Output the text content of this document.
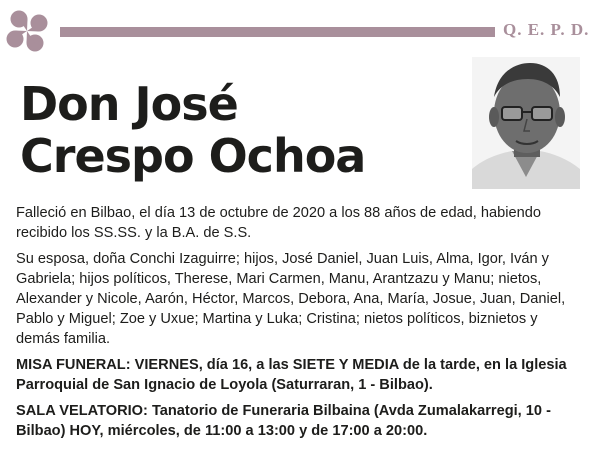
Q. E. P. D.
Don José
Crespo Ochoa

Falleció en Bilbao, el día 13 de octubre de 2020 a los 88 años de edad, habiendo recibido los SS.SS. y la B.A. de S.S.

Su esposa, doña Conchi Izaguirre; hijos, José Daniel, Juan Luis, Alma, Igor, Iván y Gabriela; hijos políticos, Therese, Mari Carmen, Manu, Arantzazu y Manu; nietos, Alexander y Nicole, Aarón, Héctor, Marcos, Debora, Ana, María, Josue, Juan, Daniel, Pablo y Miguel; Zoe y Uxue; Martina y Luka; Cristina; nietos políticos, biznietos y demás familia.

MISA FUNERAL: VIERNES, día 16, a las SIETE Y MEDIA de la tarde, en la Iglesia Parroquial de San Ignacio de Loyola (Saturraran, 1 - Bilbao).

SALA VELATORIO: Tanatorio de Funeraria Bilbaina (Avda Zumalakarregi, 10 - Bilbao) HOY, miércoles, de 11:00 a 13:00 y de 17:00 a 20:00.
